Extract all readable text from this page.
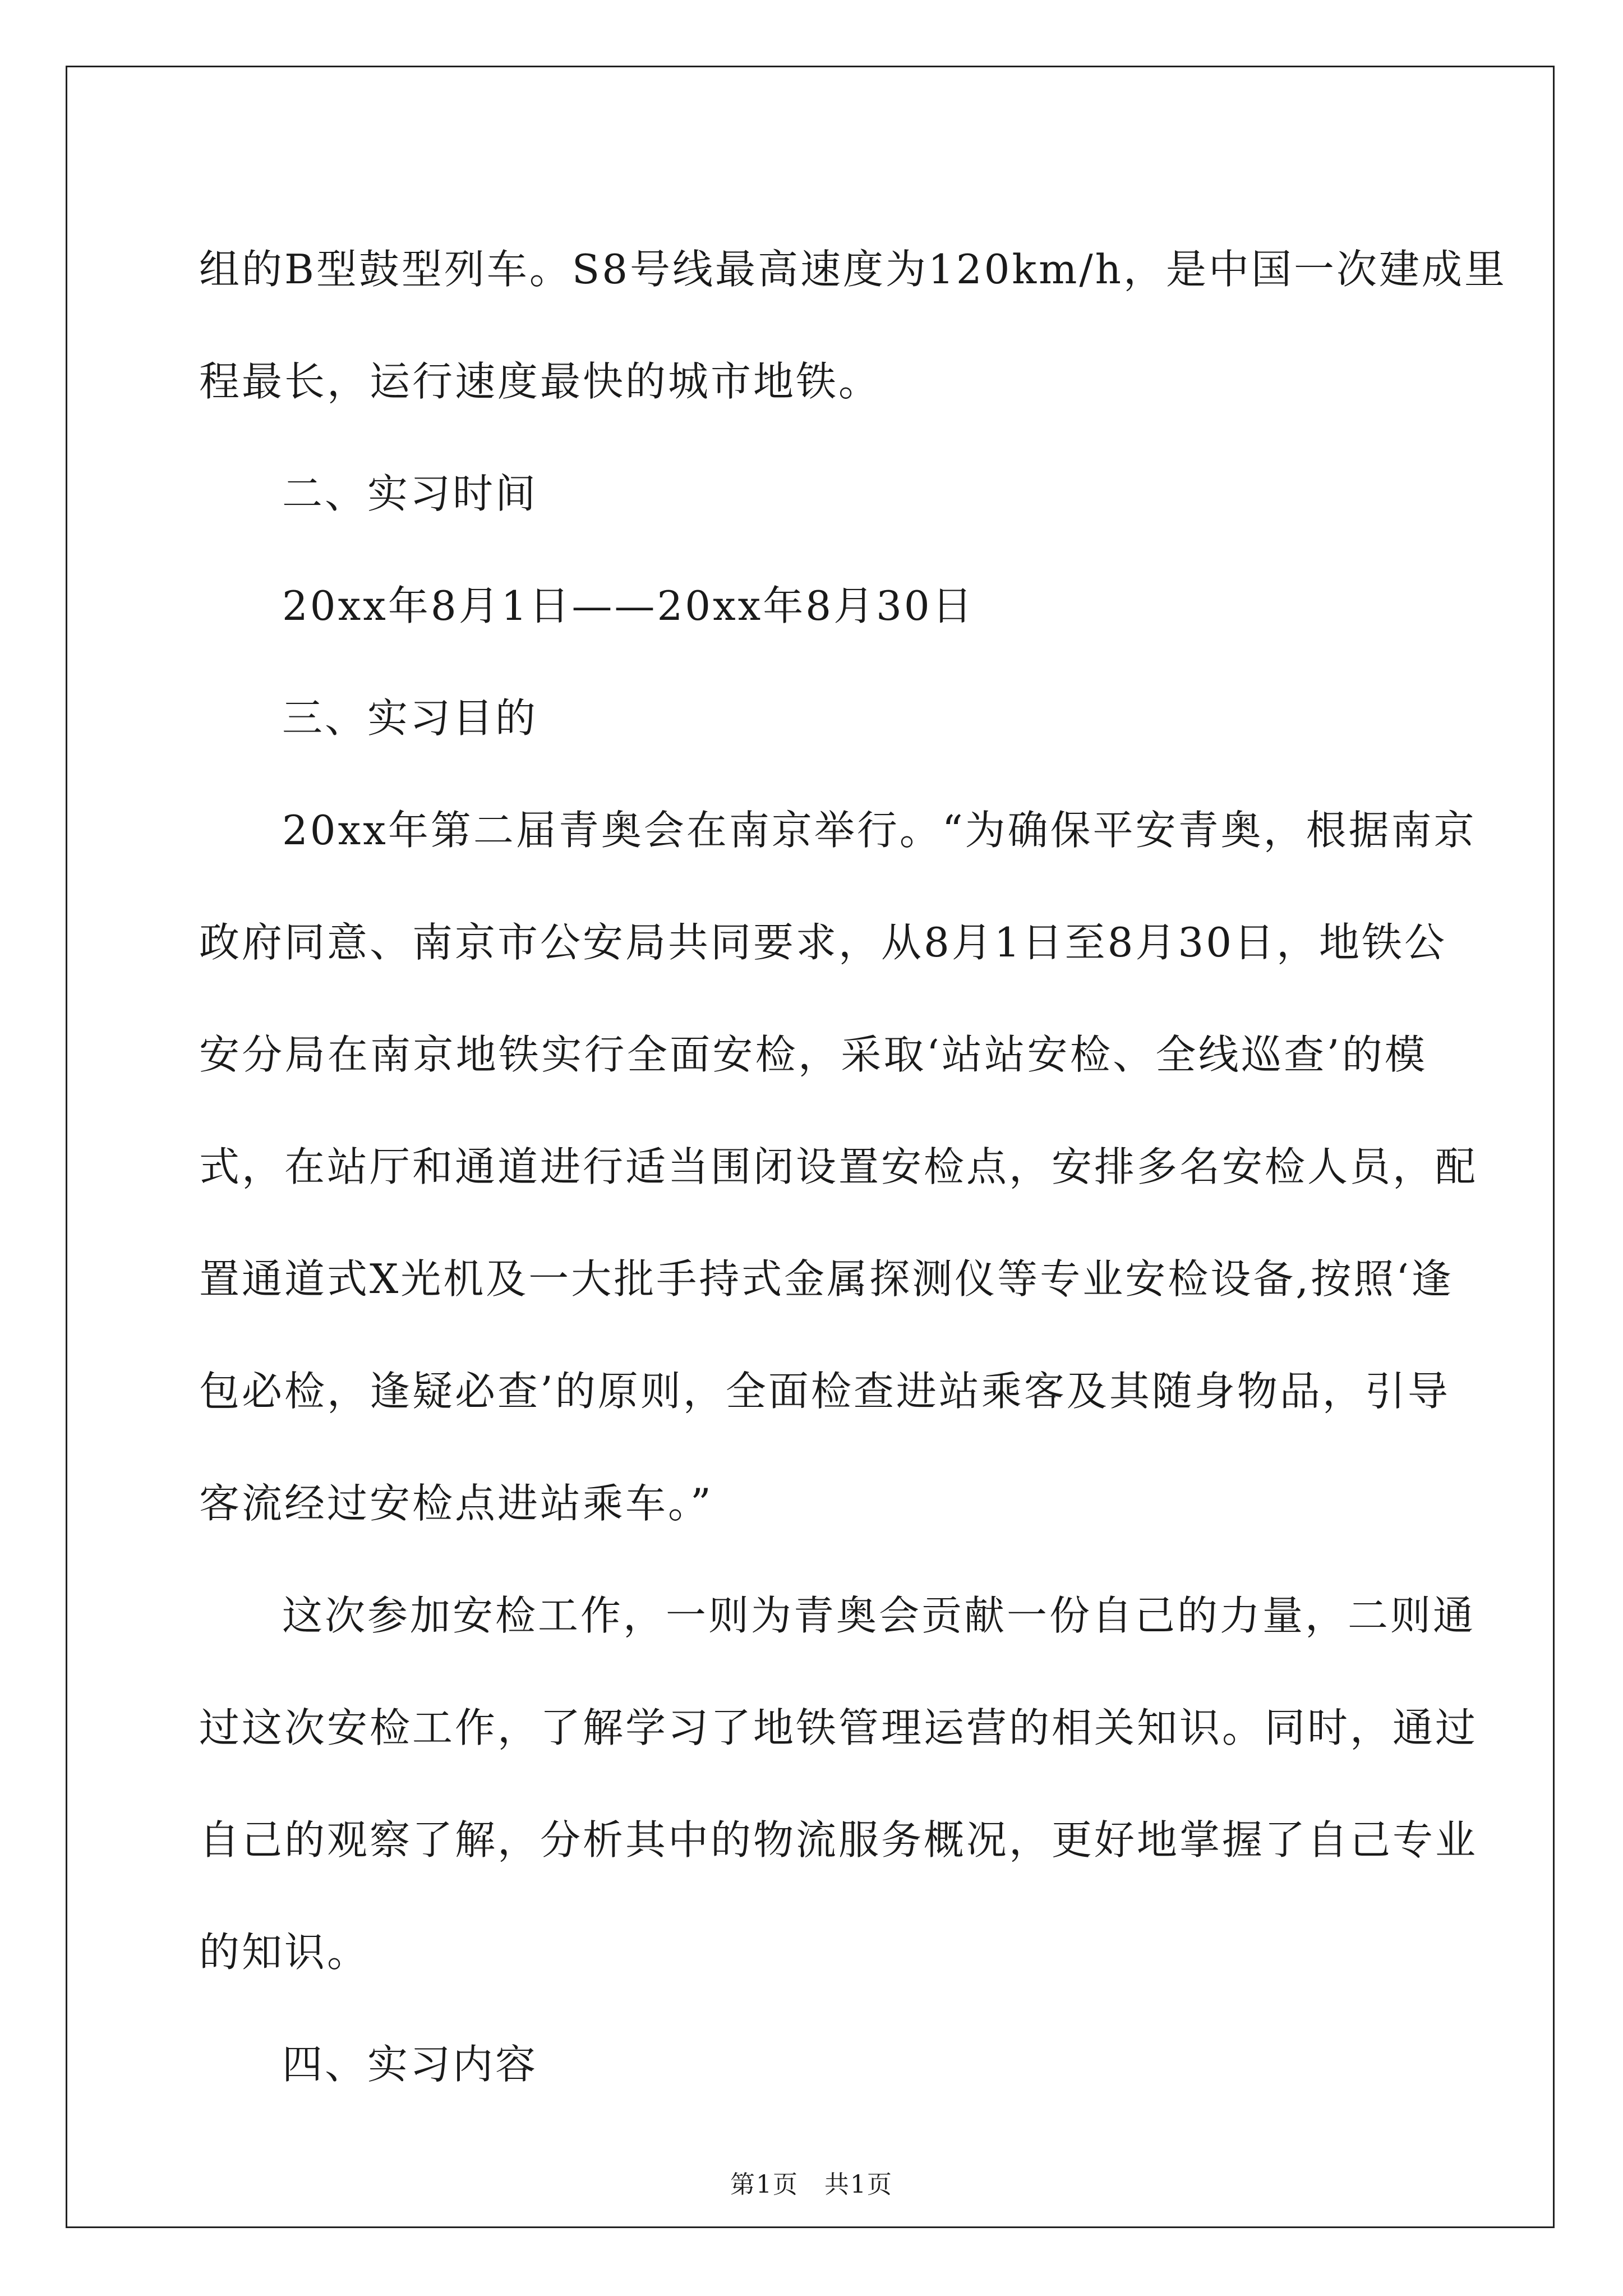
组的B型鼓型列车。S8号线最高速度为120km/h，是中国一次建成里
程最长，运行速度最快的城市地铁。
二、实习时间
20xx年8月1日——20xx年8月30日
三、实习目的
20xx年第二届青奥会在南京举行。“为确保平安青奥，根据南京
政府同意、南京市公安局共同要求，从8月1日至8月30日，地铁公
安分局在南京地铁实行全面安检，采取‘站站安检、全线巡查’的模
式，在站厅和通道进行适当围闭设置安检点，安排多名安检人员，配
置通道式X光机及一大批手持式金属探测仪等专业安检设备,按照‘逢
包必检，逢疑必查’的原则，全面检查进站乘客及其随身物品，引导
客流经过安检点进站乘车。”
这次参加安检工作，一则为青奥会贡献一份自己的力量，二则通
过这次安检工作，了解学习了地铁管理运营的相关知识。同时，通过
自己的观察了解，分析其中的物流服务概况，更好地掌握了自己专业
的知识。
四、实习内容
第1页　共1页
